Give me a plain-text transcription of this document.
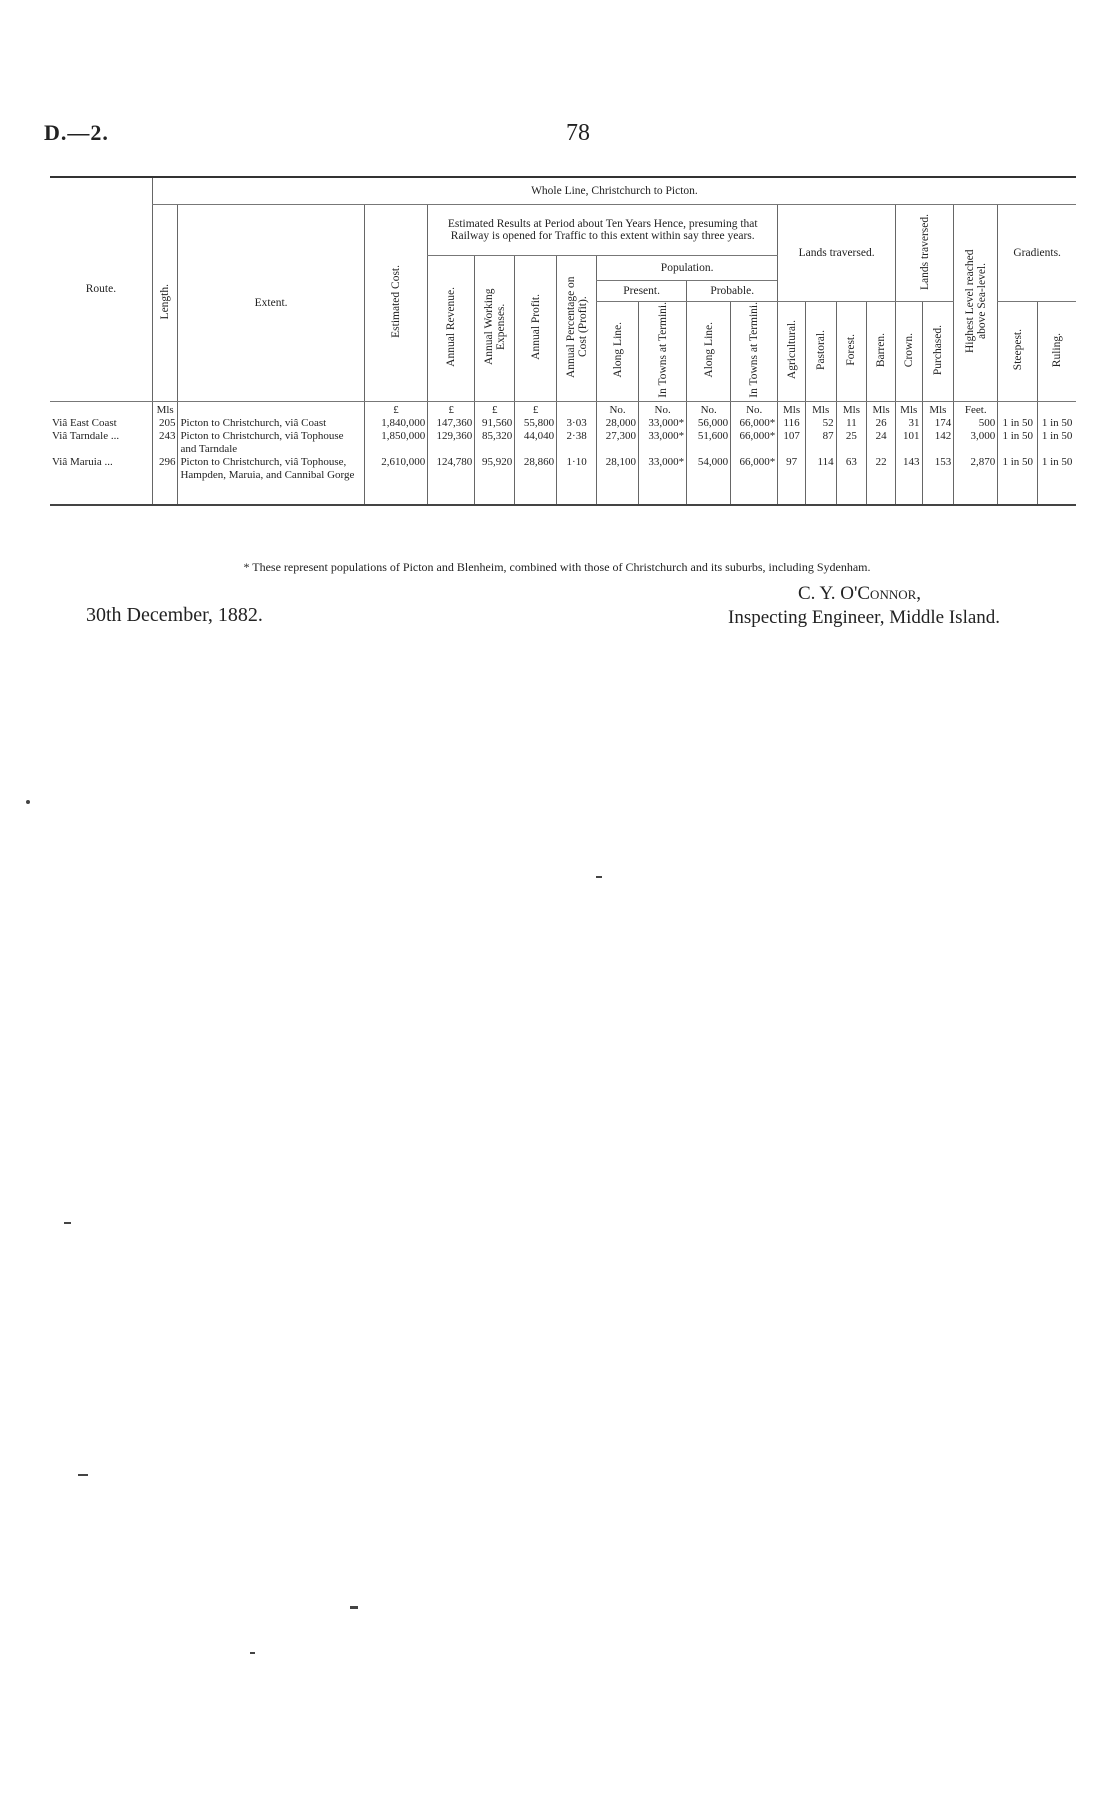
D.—2.	78
Route.	Whole Line, Christchurch to Picton.																			
	Length.	Extent.	Estimated Cost.	Estimated Results at Period about Ten Years Hence, presuming that Railway is opened for Traffic to this extent within say three years.								Lands traversed.				Lands traversed.		Highest Level reached above Sea-level.	Gradients.	
				Annual Revenue.	Annual Working Expenses.	Annual Profit.	Annual Percentage on Cost (Profit).	Population.												
								Present.		Probable.										
								Along Line.	In Towns at Termini.	Along Line.	In Towns at Termini.	Agricultural.	Pastoral.	Forest.	Barren.	Crown.	Purchased.		Steepest.	Ruling.
	Mls		£	£	£	£		No.	No.	No.	No.	Mls	Mls	Mls	Mls	Mls	Mls	Feet.		
Viâ East Coast	205	Picton to Christchurch, viâ Coast	1,840,000	147,360	91,560	55,800	3·03	28,000	33,000*	56,000	66,000*	116	52	11	26	31	174	500	1 in 50	1 in 50
Viâ Tarndale ...	243	Picton to Christchurch, viâ Tophouse and Tarndale	1,850,000	129,360	85,320	44,040	2·38	27,300	33,000*	51,600	66,000*	107	87	25	24	101	142	3,000	1 in 50	1 in 50
Viâ Maruia ...	296	Picton to Christchurch, viâ Tophouse, Hampden, Maruia, and Cannibal Gorge	2,610,000	124,780	95,920	28,860	1·10	28,100	33,000*	54,000	66,000*	97	114	63	22	143	153	2,870	1 in 50	1 in 50

* These represent populations of Picton and Blenheim, combined with those of Christchurch and its suburbs, including Sydenham.
30th December, 1882.
C. Y. O'Connor,
Inspecting Engineer, Middle Island.
